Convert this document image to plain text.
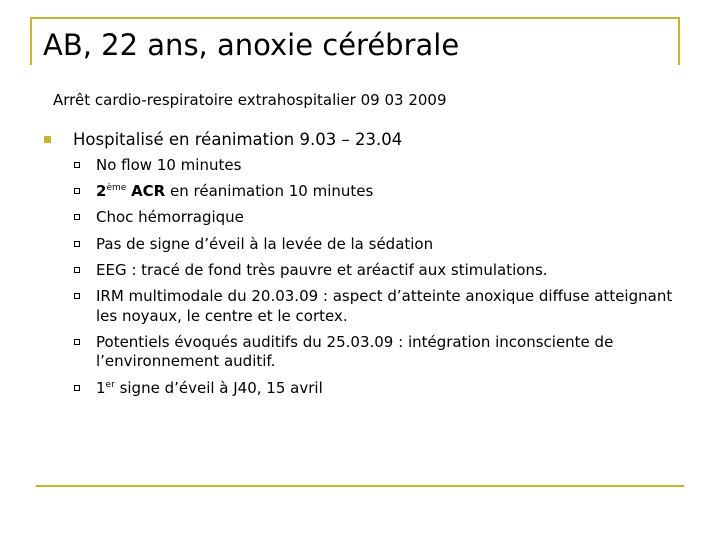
AB, 22 ans, anoxie cérébrale
Arrêt cardio-respiratoire extrahospitalier 09 03 2009
Hospitalisé en réanimation 9.03 – 23.04
No flow 10 minutes
2ème ACR en réanimation 10 minutes
Choc hémorragique
Pas de signe d’éveil à la levée de la sédation
EEG : tracé de fond très pauvre et aréactif aux stimulations.
IRM multimodale du 20.03.09 : aspect d’atteinte anoxique diffuse atteignant les noyaux, le centre et le cortex.
Potentiels évoqués auditifs du 25.03.09 : intégration inconsciente de l’environnement auditif.
1er signe d’éveil à J40, 15 avril
